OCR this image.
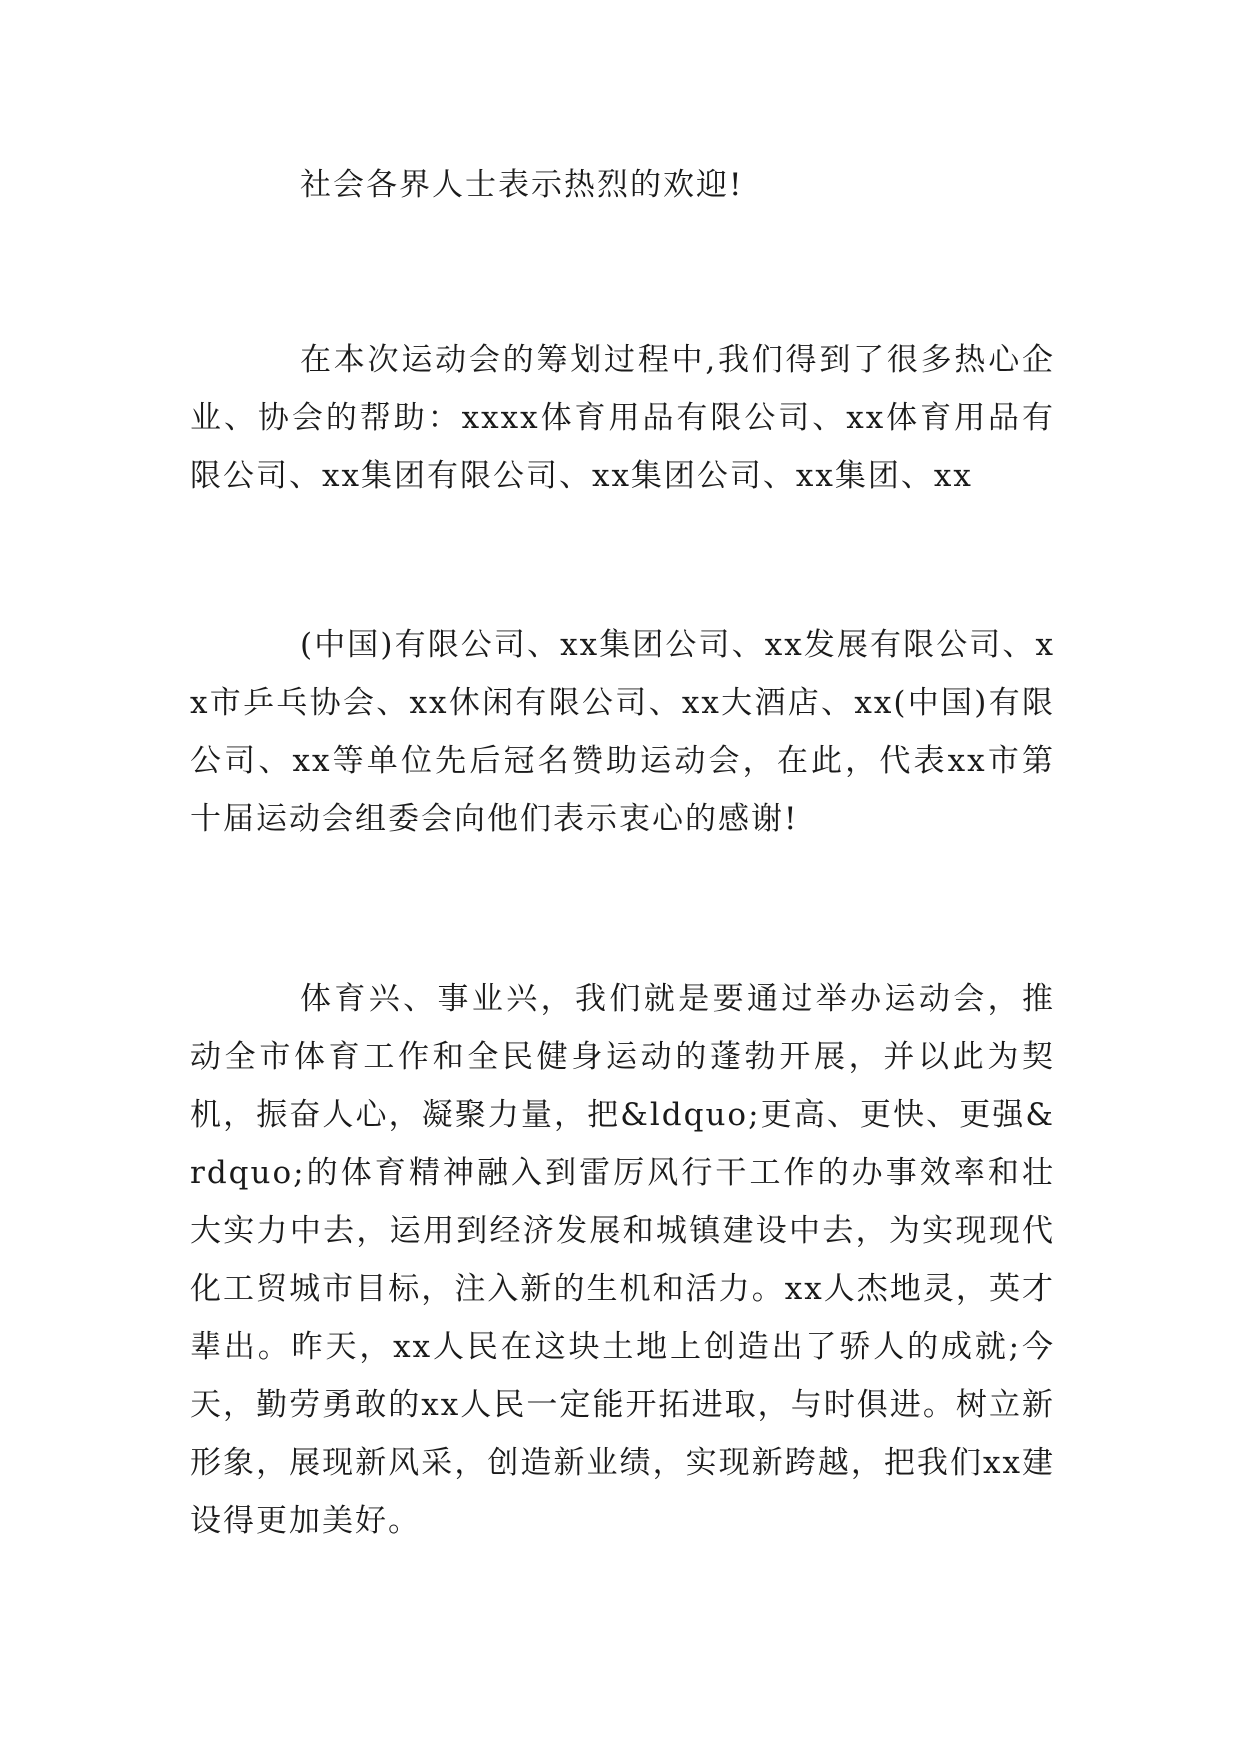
社会各界人士表示热烈的欢迎!

在本次运动会的筹划过程中,我们得到了很多热心企业、协会的帮助：xxxx体育用品有限公司、xx体育用品有限公司、xx集团有限公司、xx集团公司、xx集团、xx

(中国)有限公司、xx集团公司、xx发展有限公司、xx市乒乓协会、xx休闲有限公司、xx大酒店、xx(中国)有限公司、xx等单位先后冠名赞助运动会，在此，代表xx市第十届运动会组委会向他们表示衷心的感谢!

体育兴、事业兴，我们就是要通过举办运动会，推动全市体育工作和全民健身运动的蓬勃开展，并以此为契机，振奋人心，凝聚力量，把&ldquo;更高、更快、更强&rdquo;的体育精神融入到雷厉风行干工作的办事效率和壮大实力中去，运用到经济发展和城镇建设中去，为实现现代化工贸城市目标，注入新的生机和活力。xx人杰地灵，英才辈出。昨天，xx人民在这块土地上创造出了骄人的成就;今天，勤劳勇敢的xx人民一定能开拓进取，与时俱进。树立新形象，展现新风采，创造新业绩，实现新跨越，把我们xx建设得更加美好。
